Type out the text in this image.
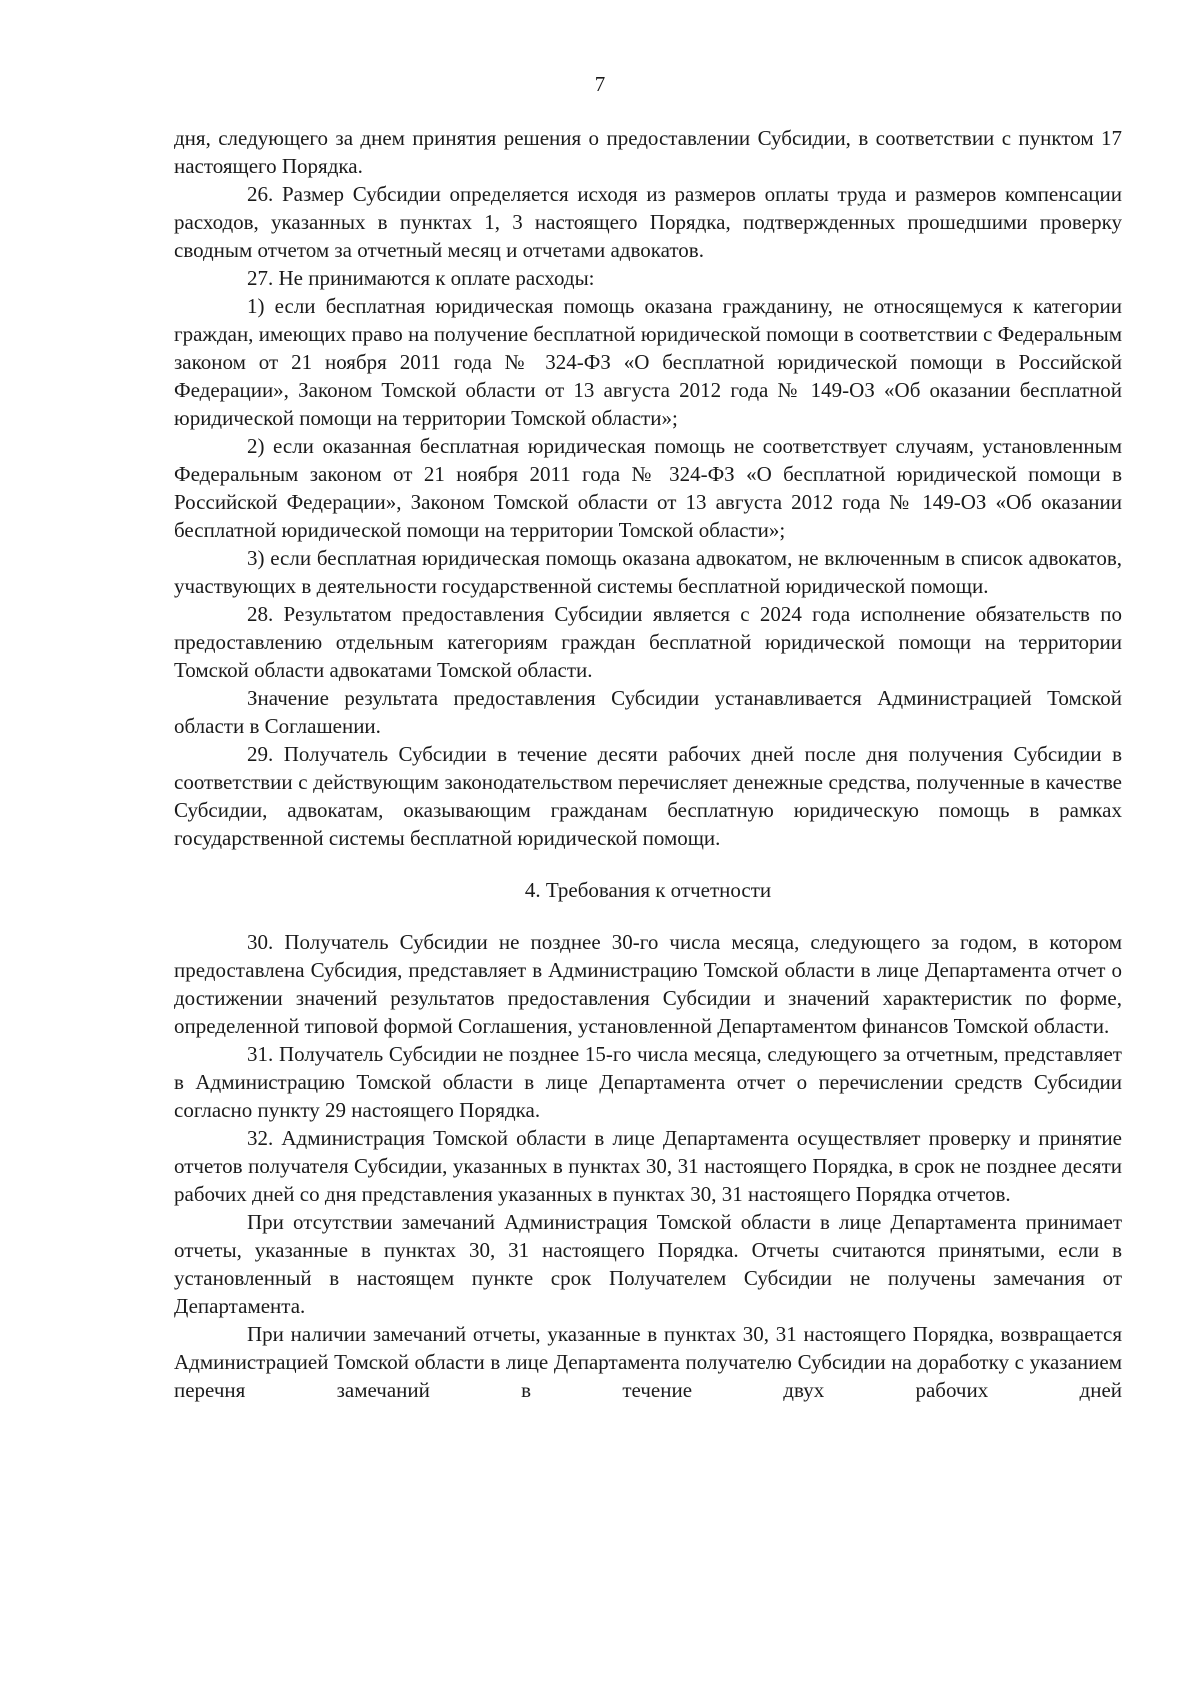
7

дня, следующего за днем принятия решения о предоставлении Субсидии, в соответствии с пунктом 17 настоящего Порядка.

26. Размер Субсидии определяется исходя из размеров оплаты труда и размеров компенсации расходов, указанных в пунктах 1, 3 настоящего Порядка, подтвержденных прошедшими проверку сводным отчетом за отчетный месяц и отчетами адвокатов.

27. Не принимаются к оплате расходы:

1) если бесплатная юридическая помощь оказана гражданину, не относящемуся к категории граждан, имеющих право на получение бесплатной юридической помощи в соответствии с Федеральным законом от 21 ноября 2011 года № 324-ФЗ «О бесплатной юридической помощи в Российской Федерации», Законом Томской области от 13 августа 2012 года № 149-ОЗ «Об оказании бесплатной юридической помощи на территории Томской области»;

2) если оказанная бесплатная юридическая помощь не соответствует случаям, установленным Федеральным законом от 21 ноября 2011 года № 324-ФЗ «О бесплатной юридической помощи в Российской Федерации», Законом Томской области от 13 августа 2012 года № 149-ОЗ «Об оказании бесплатной юридической помощи на территории Томской области»;

3) если бесплатная юридическая помощь оказана адвокатом, не включенным в список адвокатов, участвующих в деятельности государственной системы бесплатной юридической помощи.

28. Результатом предоставления Субсидии является с 2024 года исполнение обязательств по предоставлению отдельным категориям граждан бесплатной юридической помощи на территории Томской области адвокатами Томской области.

Значение результата предоставления Субсидии устанавливается Администрацией Томской области в Соглашении.

29. Получатель Субсидии в течение десяти рабочих дней после дня получения Субсидии в соответствии с действующим законодательством перечисляет денежные средства, полученные в качестве Субсидии, адвокатам, оказывающим гражданам бесплатную юридическую помощь в рамках государственной системы бесплатной юридической помощи.

4. Требования к отчетности

30. Получатель Субсидии не позднее 30-го числа месяца, следующего за годом, в котором предоставлена Субсидия, представляет в Администрацию Томской области в лице Департамента отчет о достижении значений результатов предоставления Субсидии и значений характеристик по форме, определенной типовой формой Соглашения, установленной Департаментом финансов Томской области.

31. Получатель Субсидии не позднее 15-го числа месяца, следующего за отчетным, представляет в Администрацию Томской области в лице Департамента отчет о перечислении средств Субсидии согласно пункту 29 настоящего Порядка.

32. Администрация Томской области в лице Департамента осуществляет проверку и принятие отчетов получателя Субсидии, указанных в пунктах 30, 31 настоящего Порядка, в срок не позднее десяти рабочих дней со дня представления указанных в пунктах 30, 31 настоящего Порядка отчетов.

При отсутствии замечаний Администрация Томской области в лице Департамента принимает отчеты, указанные в пунктах 30, 31 настоящего Порядка. Отчеты считаются принятыми, если в установленный в настоящем пункте срок Получателем Субсидии не получены замечания от Департамента.

При наличии замечаний отчеты, указанные в пунктах 30, 31 настоящего Порядка, возвращается Администрацией Томской области в лице Департамента получателю Субсидии на доработку с указанием перечня замечаний в течение двух рабочих дней
